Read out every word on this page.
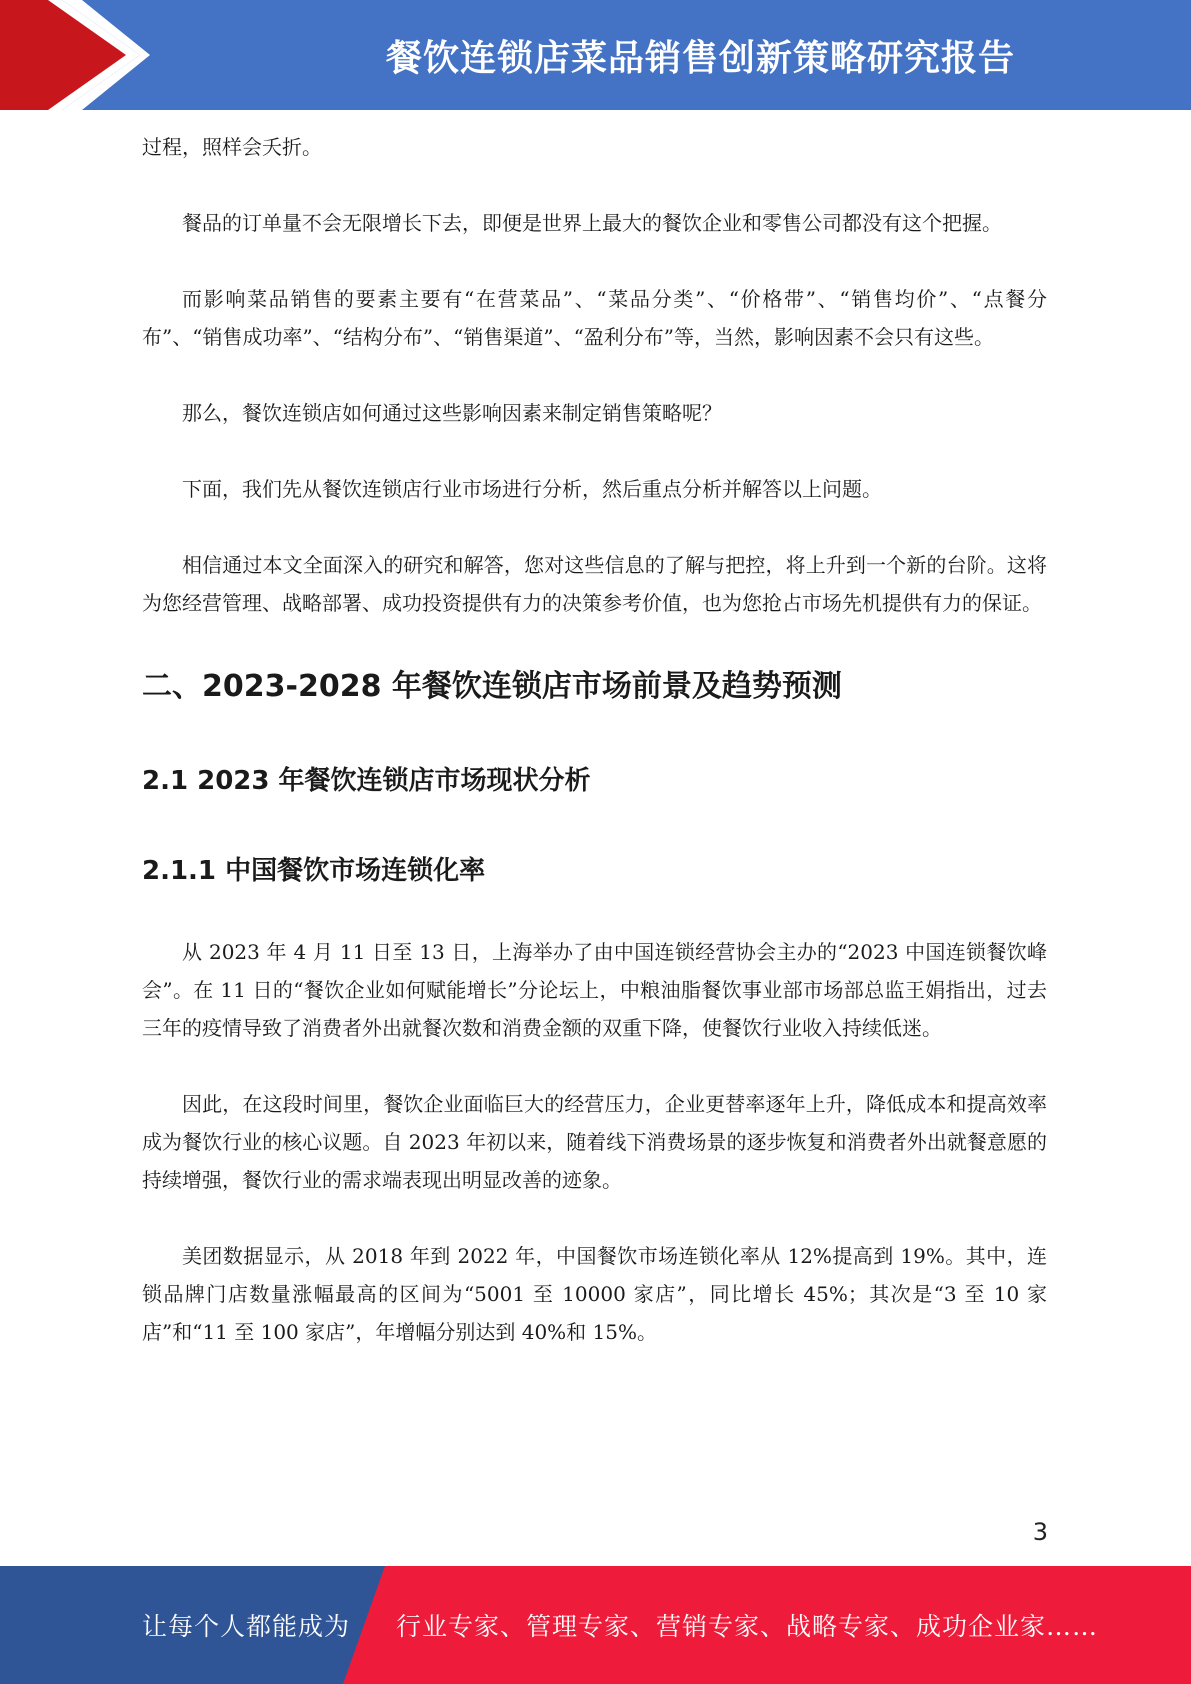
餐饮连锁店菜品销售创新策略研究报告

过程，照样会夭折。

餐品的订单量不会无限增长下去，即便是世界上最大的餐饮企业和零售公司都没有这个把握。

而影响菜品销售的要素主要有“在营菜品”、“菜品分类”、“价格带”、“销售均价”、“点餐分布”、“销售成功率”、“结构分布”、“销售渠道”、“盈利分布”等，当然，影响因素不会只有这些。

那么，餐饮连锁店如何通过这些影响因素来制定销售策略呢？

下面，我们先从餐饮连锁店行业市场进行分析，然后重点分析并解答以上问题。

相信通过本文全面深入的研究和解答，您对这些信息的了解与把控，将上升到一个新的台阶。这将为您经营管理、战略部署、成功投资提供有力的决策参考价值，也为您抢占市场先机提供有力的保证。

二、2023-2028 年餐饮连锁店市场前景及趋势预测
2.1 2023 年餐饮连锁店市场现状分析
2.1.1 中国餐饮市场连锁化率

从 2023 年 4 月 11 日至 13 日，上海举办了由中国连锁经营协会主办的“2023 中国连锁餐饮峰会”。在 11 日的“餐饮企业如何赋能增长”分论坛上，中粮油脂餐饮事业部市场部总监王娟指出，过去三年的疫情导致了消费者外出就餐次数和消费金额的双重下降，使餐饮行业收入持续低迷。

因此，在这段时间里，餐饮企业面临巨大的经营压力，企业更替率逐年上升，降低成本和提高效率成为餐饮行业的核心议题。自 2023 年初以来，随着线下消费场景的逐步恢复和消费者外出就餐意愿的持续增强，餐饮行业的需求端表现出明显改善的迹象。

美团数据显示，从 2018 年到 2022 年，中国餐饮市场连锁化率从 12%提高到 19%。其中，连锁品牌门店数量涨幅最高的区间为“5001 至 10000 家店”，同比增长 45%；其次是“3 至 10 家店”和“11 至 100 家店”，年增幅分别达到 40%和 15%。

3
让每个人都能成为 行业专家、管理专家、营销专家、战略专家、成功企业家……
